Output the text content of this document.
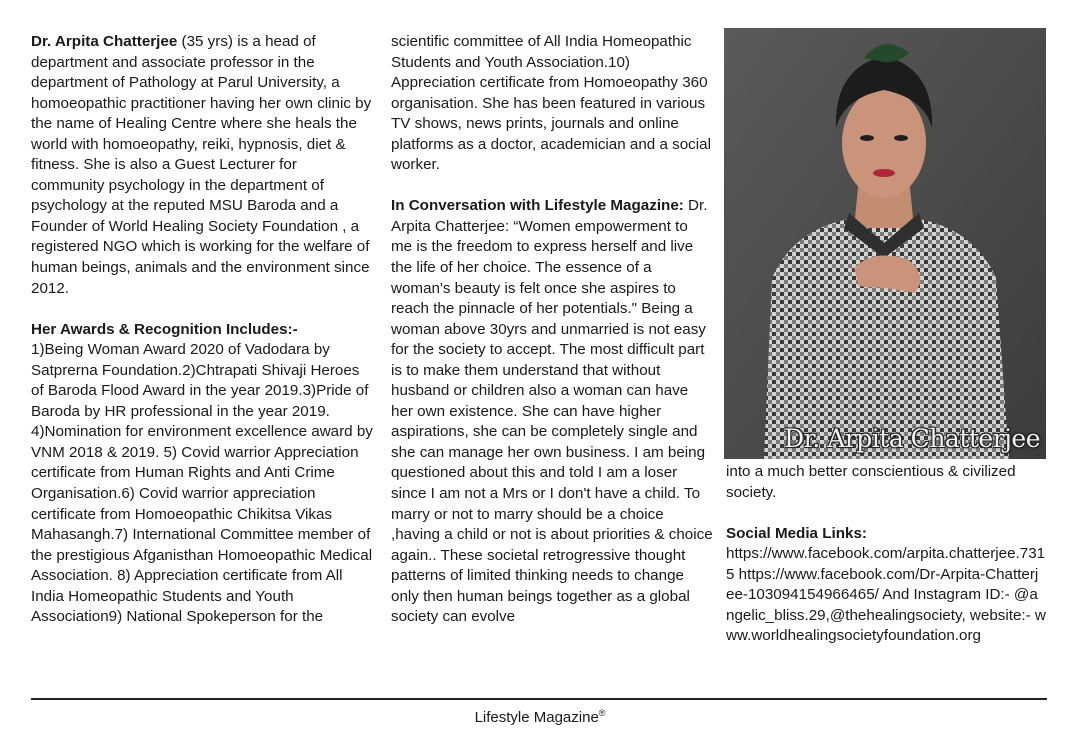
Dr. Arpita Chatterjee (35 yrs) is a head of department and associate professor in the department of Pathology at Parul University, a homoeopathic practitioner having her own clinic by the name of Healing Centre where she heals the world with homoeopathy, reiki, hypnosis, diet & fitness. She is also a Guest Lecturer for community psychology in the department of psychology at the reputed MSU Baroda and a Founder of World Healing Society Foundation , a registered NGO which is working for the welfare of human beings, animals and the environment since 2012.

Her Awards & Recognition Includes:-

1)Being Woman Award 2020 of Vadodara by Satprerna Foundation.2)Chtrapati Shivaji Heroes of Baroda Flood Award in the year 2019.3)Pride of Baroda by HR professional in the year 2019. 4)Nomination for environment excellence award by VNM 2018 & 2019. 5) Covid warrior Appreciation certificate from Human Rights and Anti Crime Organisation.6) Covid warrior appreciation certificate from Homoeopathic Chikitsa Vikas Mahasangh.7) International Committee member of the prestigious Afganisthan Homoeopathic Medical Association. 8) Appreciation certificate from All India Homeopathic Students and Youth Association9) National Spokeperson for the

scientific committee of All India Homeopathic Students and Youth Association.10) Appreciation certificate from Homoeopathy 360 organisation. She has been featured in various TV shows, news prints, journals and online platforms as a doctor, academician and a social worker.

In Conversation with Lifestyle Magazine: Dr. Arpita Chatterjee: “Women empowerment to me is the freedom to express herself and live the life of her choice. The essence of a woman's beauty is felt once she aspires to reach the pinnacle of her potentials." Being a woman above 30yrs and unmarried is not easy for the society to accept. The most difficult part is to make them understand that without husband or children also a woman can have her own existence. She can have higher aspirations, she can be completely single and she can manage her own business. I am being questioned about this and told I am a loser since I am not a Mrs or I don't have a child. To marry or not to marry should be a choice ,having a child or not is about priorities & choice again.. These societal retrogressive thought patterns of limited thinking needs to change only then human beings together as a global society can evolve

Dr. Arpita Chatterjee

into a much better conscientious & civilized society.

Social Media Links:

https://www.facebook.com/arpita.chatterjee.7315 https://www.facebook.com/Dr-Arpita-Chatterjee-103094154966465/ And Instagram ID:- @angelic_bliss.29,@thehealingsociety, website:- www.worldhealingsocietyfoundation.org

Lifestyle Magazine®
